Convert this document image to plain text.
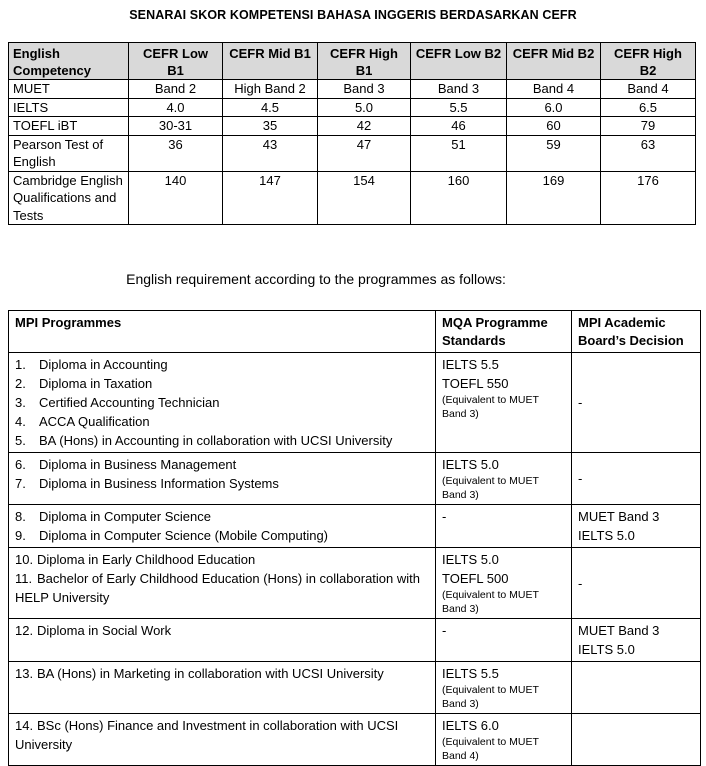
SENARAI SKOR KOMPETENSI BAHASA INGGERIS BERDASARKAN CEFR
English Competency	CEFR Low B1	CEFR Mid B1	CEFR High B1	CEFR Low B2	CEFR Mid B2	CEFR High B2
MUET	Band 2	High Band 2	Band 3	Band 3	Band 4	Band 4
IELTS	4.0	4.5	5.0	5.5	6.0	6.5
TOEFL iBT	30-31	35	42	46	60	79
Pearson Test of English	36	43	47	51	59	63
Cambridge English Qualifications and Tests	140	147	154	160	169	176
English requirement according to the programmes as follows:
MPI Programmes	MQA Programme Standards	MPI Academic Board’s Decision

1. Diploma in Accounting
2. Diploma in Taxation
3. Certified Accounting Technician
4. ACCA Qualification
5. BA (Hons) in Accounting in collaboration with UCSI University	IELTS 5.5
TOEFL 550
(Equivalent to MUET Band 3)	-

6. Diploma in Business Management
7. Diploma in Business Information Systems	IELTS 5.0
(Equivalent to MUET Band 3)	-

8. Diploma in Computer Science
9. Diploma in Computer Science (Mobile Computing)	-	MUET Band 3
IELTS 5.0

10. Diploma in Early Childhood Education
11. Bachelor of Early Childhood Education (Hons) in collaboration with HELP University	IELTS 5.0
TOEFL 500
(Equivalent to MUET Band 3)	-

12. Diploma in Social Work	-	MUET Band 3
IELTS 5.0

13. BA (Hons) in Marketing in collaboration with UCSI University	IELTS 5.5
(Equivalent to MUET Band 3)	

14. BSc (Hons) Finance and Investment in collaboration with UCSI University	IELTS 6.0
(Equivalent to MUET Band 4)	
